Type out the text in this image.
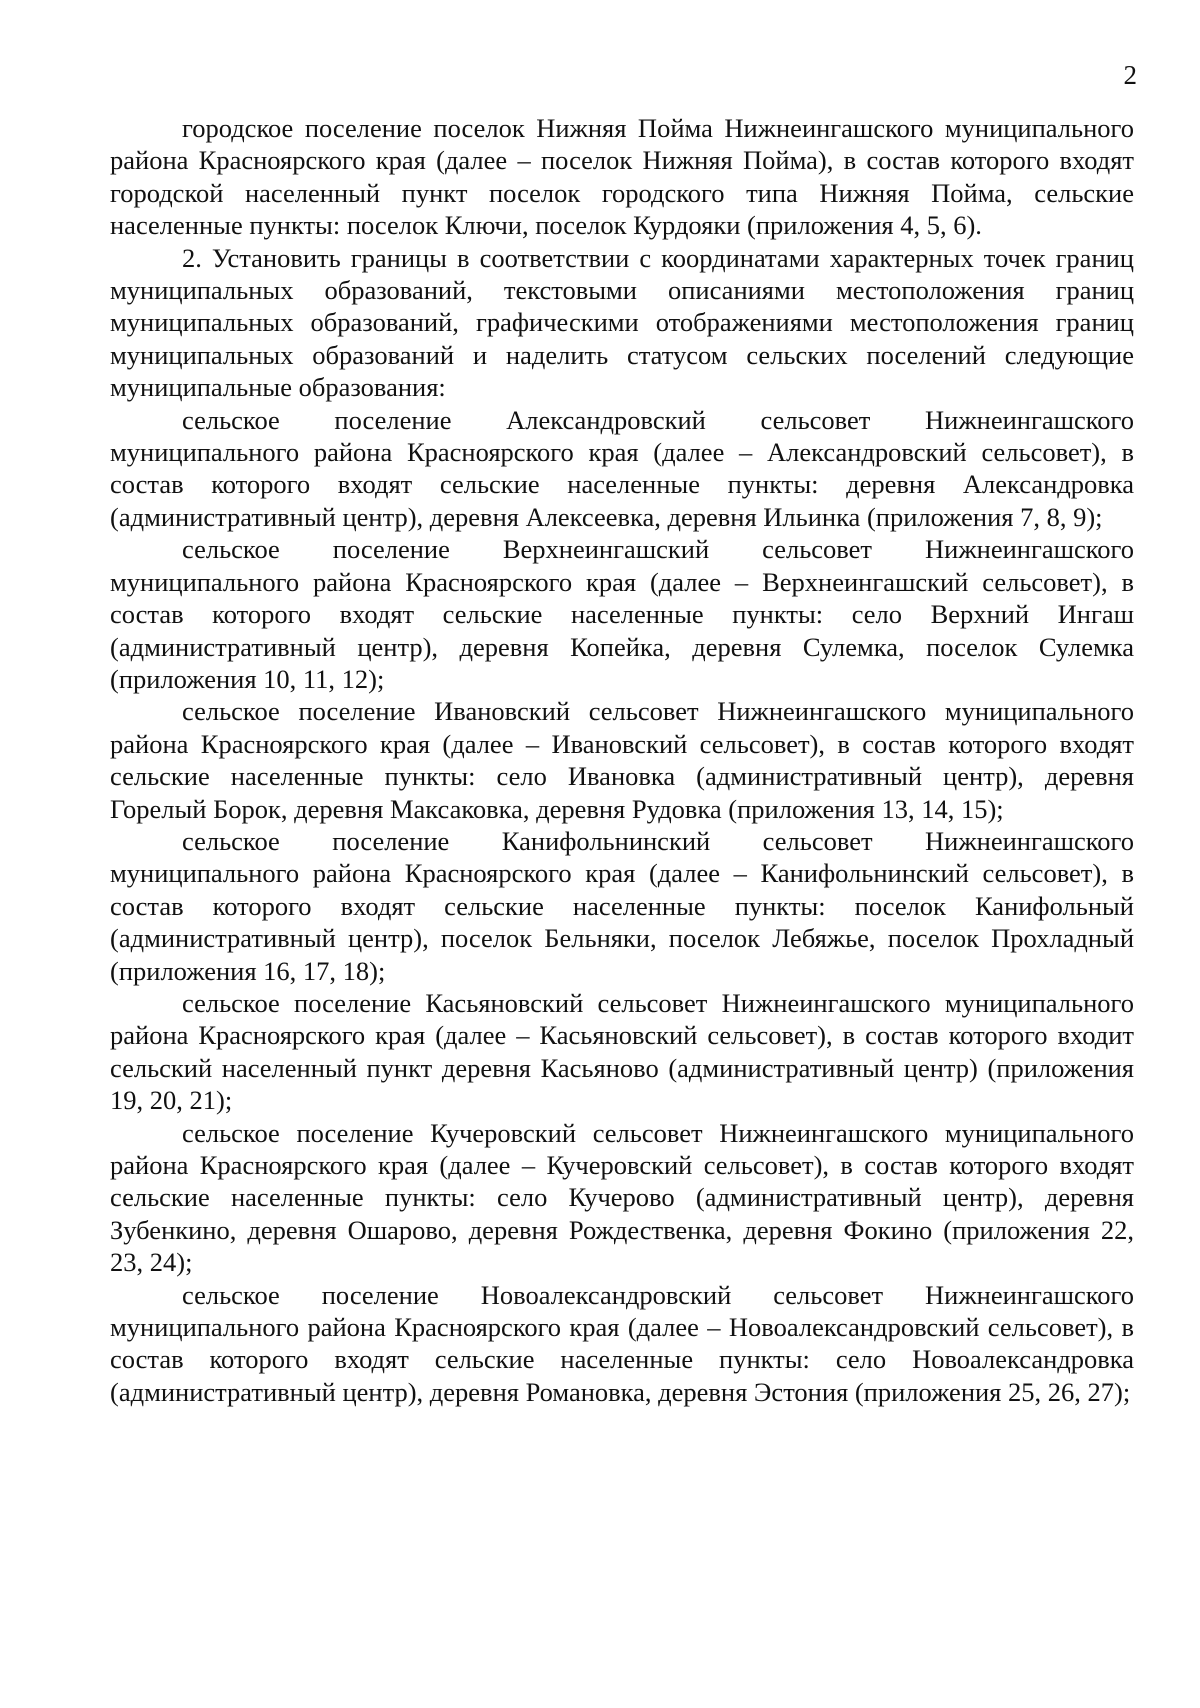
2

городское поселение поселок Нижняя Пойма Нижнеингашского муниципального района Красноярского края (далее – поселок Нижняя Пойма), в состав которого входят городской населенный пункт поселок городского типа Нижняя Пойма, сельские населенные пункты: поселок Ключи, поселок Курдояки (приложения 4, 5, 6).

2. Установить границы в соответствии с координатами характерных точек границ муниципальных образований, текстовыми описаниями местоположения границ муниципальных образований, графическими отображениями местоположения границ муниципальных образований и наделить статусом сельских поселений следующие муниципальные образования:

сельское поселение Александровский сельсовет Нижнеингашского муниципального района Красноярского края (далее – Александровский сельсовет), в состав которого входят сельские населенные пункты: деревня Александровка (административный центр), деревня Алексеевка, деревня Ильинка (приложения 7, 8, 9);

сельское поселение Верхнеингашский сельсовет Нижнеингашского муниципального района Красноярского края (далее – Верхнеингашский сельсовет), в состав которого входят сельские населенные пункты: село Верхний Ингаш (административный центр), деревня Копейка, деревня Сулемка, поселок Сулемка (приложения 10, 11, 12);

сельское поселение Ивановский сельсовет Нижнеингашского муниципального района Красноярского края (далее – Ивановский сельсовет), в состав которого входят сельские населенные пункты: село Ивановка (административный центр), деревня Горелый Борок, деревня Максаковка, деревня Рудовка (приложения 13, 14, 15);

сельское поселение Канифольнинский сельсовет Нижнеингашского муниципального района Красноярского края (далее – Канифольнинский сельсовет), в состав которого входят сельские населенные пункты: поселок Канифольный (административный центр), поселок Бельняки, поселок Лебяжье, поселок Прохладный (приложения 16, 17, 18);

сельское поселение Касьяновский сельсовет Нижнеингашского муниципального района Красноярского края (далее – Касьяновский сельсовет), в состав которого входит сельский населенный пункт деревня Касьяново (административный центр) (приложения 19, 20, 21);

сельское поселение Кучеровский сельсовет Нижнеингашского муниципального района Красноярского края (далее – Кучеровский сельсовет), в состав которого входят сельские населенные пункты: село Кучерово (административный центр), деревня Зубенкино, деревня Ошарово, деревня Рождественка, деревня Фокино (приложения 22, 23, 24);

сельское поселение Новоалександровский сельсовет Нижнеингашского муниципального района Красноярского края (далее – Новоалександровский сельсовет), в состав которого входят сельские населенные пункты: село Новоалександровка (административный центр), деревня Романовка, деревня Эстония (приложения 25, 26, 27);
